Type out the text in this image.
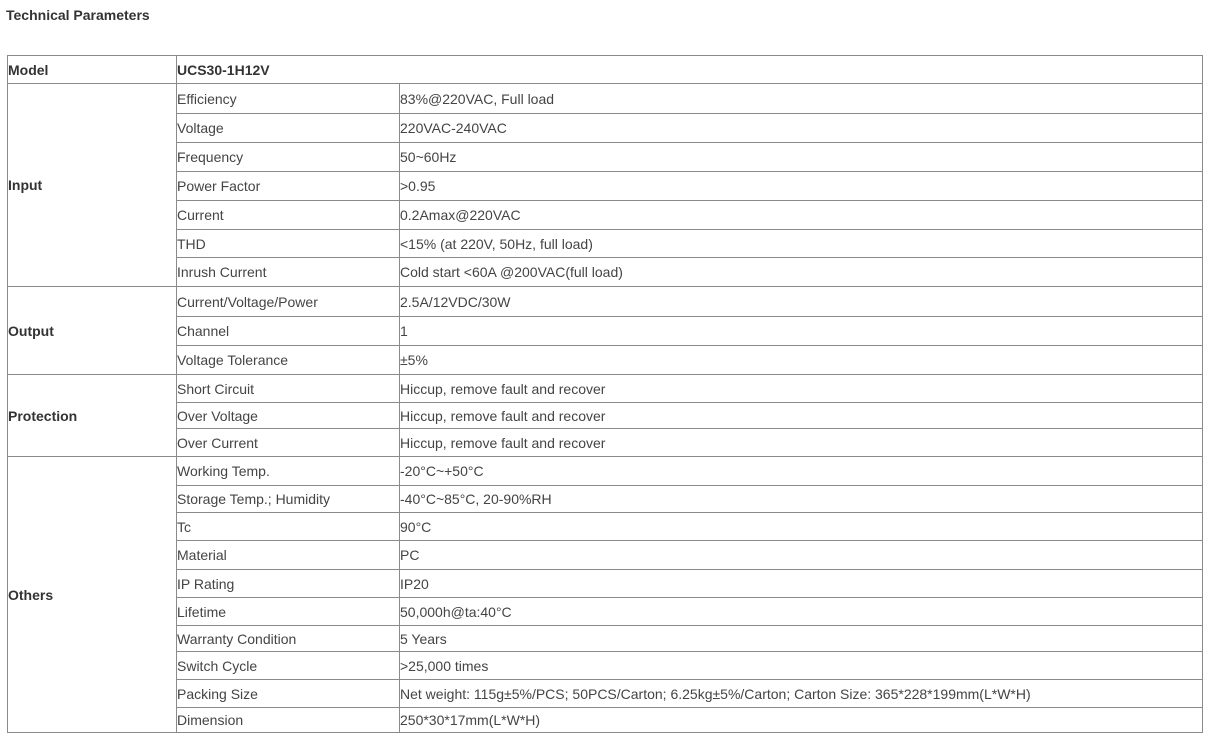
Technical Parameters
Model	UCS30-1H12V	
Input	Efficiency	83%@220VAC, Full load
	Voltage	220VAC-240VAC
	Frequency	50~60Hz
	Power Factor	>0.95
	Current	0.2Amax@220VAC
	THD	<15% (at 220V, 50Hz, full load)
	Inrush Current	Cold start <60A @200VAC(full load)
Output	Current/Voltage/Power	2.5A/12VDC/30W
	Channel	1
	Voltage Tolerance	±5%
Protection	Short Circuit	Hiccup, remove fault and recover
	Over Voltage	Hiccup, remove fault and recover
	Over Current	Hiccup, remove fault and recover
Others	Working Temp.	-20°C~+50°C
	Storage Temp.; Humidity	-40°C~85°C, 20-90%RH
	Tc	90°C
	Material	PC
	IP Rating	IP20
	Lifetime	50,000h@ta:40°C
	Warranty Condition	5 Years
	Switch Cycle	>25,000 times
	Packing Size	Net weight: 115g±5%/PCS; 50PCS/Carton; 6.25kg±5%/Carton; Carton Size: 365*228*199mm(L*W*H)
	Dimension	250*30*17mm(L*W*H)
